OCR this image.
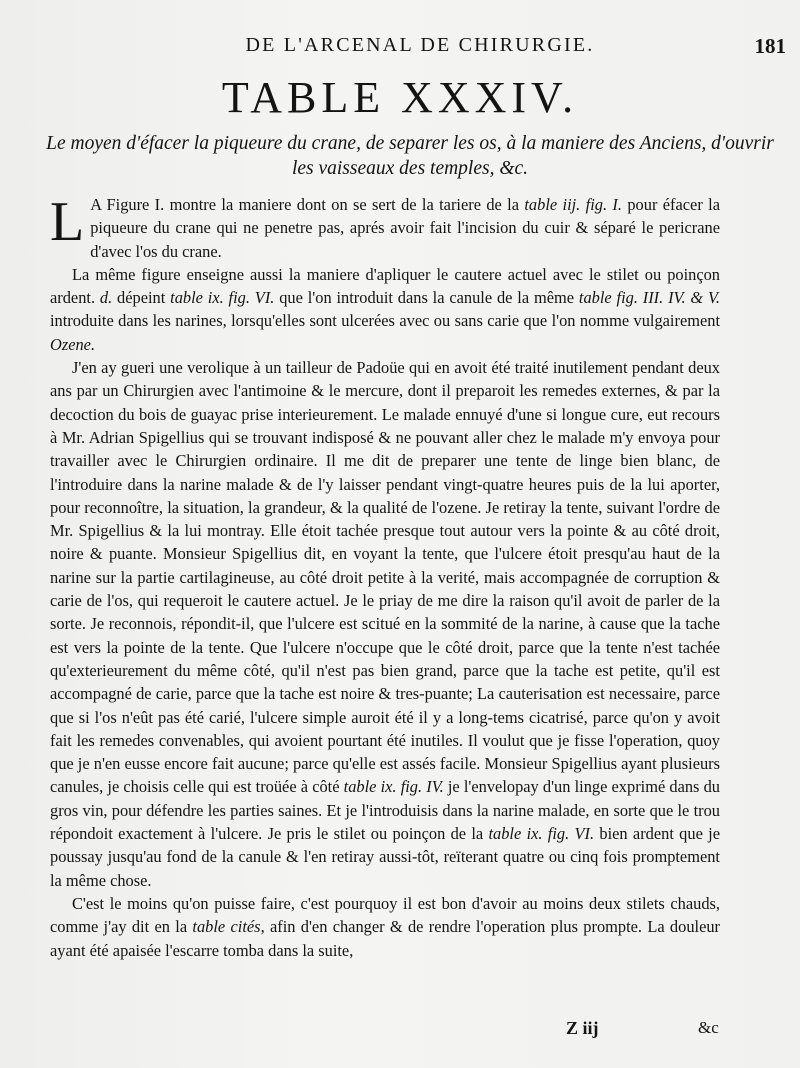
DE L'ARCENAL DE CHIRURGIE.	181
TABLE XXXIV.
Le moyen d'éfacer la piqueure du crane, de separer les os, à la maniere des Anciens, d'ouvrir les vaisseaux des temples, &c.

L A Figure I. montre la maniere dont on se sert de la tariere de la table iij. fig. I. pour éfacer la piqueure du crane qui ne penetre pas, aprés avoir fait l'incision du cuir & séparé le pericrane d'avec l'os du crane.

La même figure enseigne aussi la maniere d'apliquer le cautere actuel avec le stilet ou poinçon ardent. d. dépeint table ix. fig. VI. que l'on introduit dans la canule de la même table fig. III. IV. & V. introduite dans les narines, lorsqu'elles sont ulcerées avec ou sans carie que l'on nomme vulgairement Ozene.

J'en ay gueri une verolique à un tailleur de Padoüe qui en avoit été traité inutilement pendant deux ans par un Chirurgien avec l'antimoine & le mercure, dont il preparoit les remedes externes, & par la decoction du bois de guayac prise interieurement. Le malade ennuyé d'une si longue cure, eut recours à Mr. Adrian Spigellius qui se trouvant indisposé & ne pouvant aller chez le malade m'y envoya pour travailler avec le Chirurgien ordinaire. Il me dit de preparer une tente de linge bien blanc, de l'introduire dans la narine malade & de l'y laisser pendant vingt-quatre heures puis de la lui aporter, pour reconnoître, la situation, la grandeur, & la qualité de l'ozene. Je retiray la tente, suivant l'ordre de Mr. Spigellius & la lui montray. Elle étoit tachée presque tout autour vers la pointe & au côté droit, noire & puante. Monsieur Spigellius dit, en voyant la tente, que l'ulcere étoit presqu'au haut de la narine sur la partie cartilagineuse, au côté droit petite à la verité, mais accompagnée de corruption & carie de l'os, qui requeroit le cautere actuel. Je le priay de me dire la raison qu'il avoit de parler de la sorte. Je reconnois, répondit-il, que l'ulcere est scitué en la sommité de la narine, à cause que la tache est vers la pointe de la tente. Que l'ulcere n'occupe que le côté droit, parce que la tente n'est tachée qu'exterieurement du même côté, qu'il n'est pas bien grand, parce que la tache est petite, qu'il est accompagné de carie, parce que la tache est noire & tres-puante; La cauterisation est necessaire, parce que si l'os n'eût pas été carié, l'ulcere simple auroit été il y a long-tems cicatrisé, parce qu'on y avoit fait les remedes convenables, qui avoient pourtant été inutiles. Il voulut que je fisse l'operation, quoy que je n'en eusse encore fait aucune; parce qu'elle est assés facile. Monsieur Spigellius ayant plusieurs canules, je choisis celle qui est troüée à côté table ix. fig. IV. je l'envelopay d'un linge exprimé dans du gros vin, pour défendre les parties saines. Et je l'introduisis dans la narine malade, en sorte que le trou répondoit exactement à l'ulcere. Je pris le stilet ou poinçon de la table ix. fig. VI. bien ardent que je poussay jusqu'au fond de la canule & l'en retiray aussi-tôt, reïterant quatre ou cinq fois promptement la même chose.

C'est le moins qu'on puisse faire, c'est pourquoy il est bon d'avoir au moins deux stilets chauds, comme j'ay dit en la table cités, afin d'en changer & de rendre l'operation plus prompte. La douleur ayant été apaisée l'escarre tomba dans la suite,

Z iij	&c
